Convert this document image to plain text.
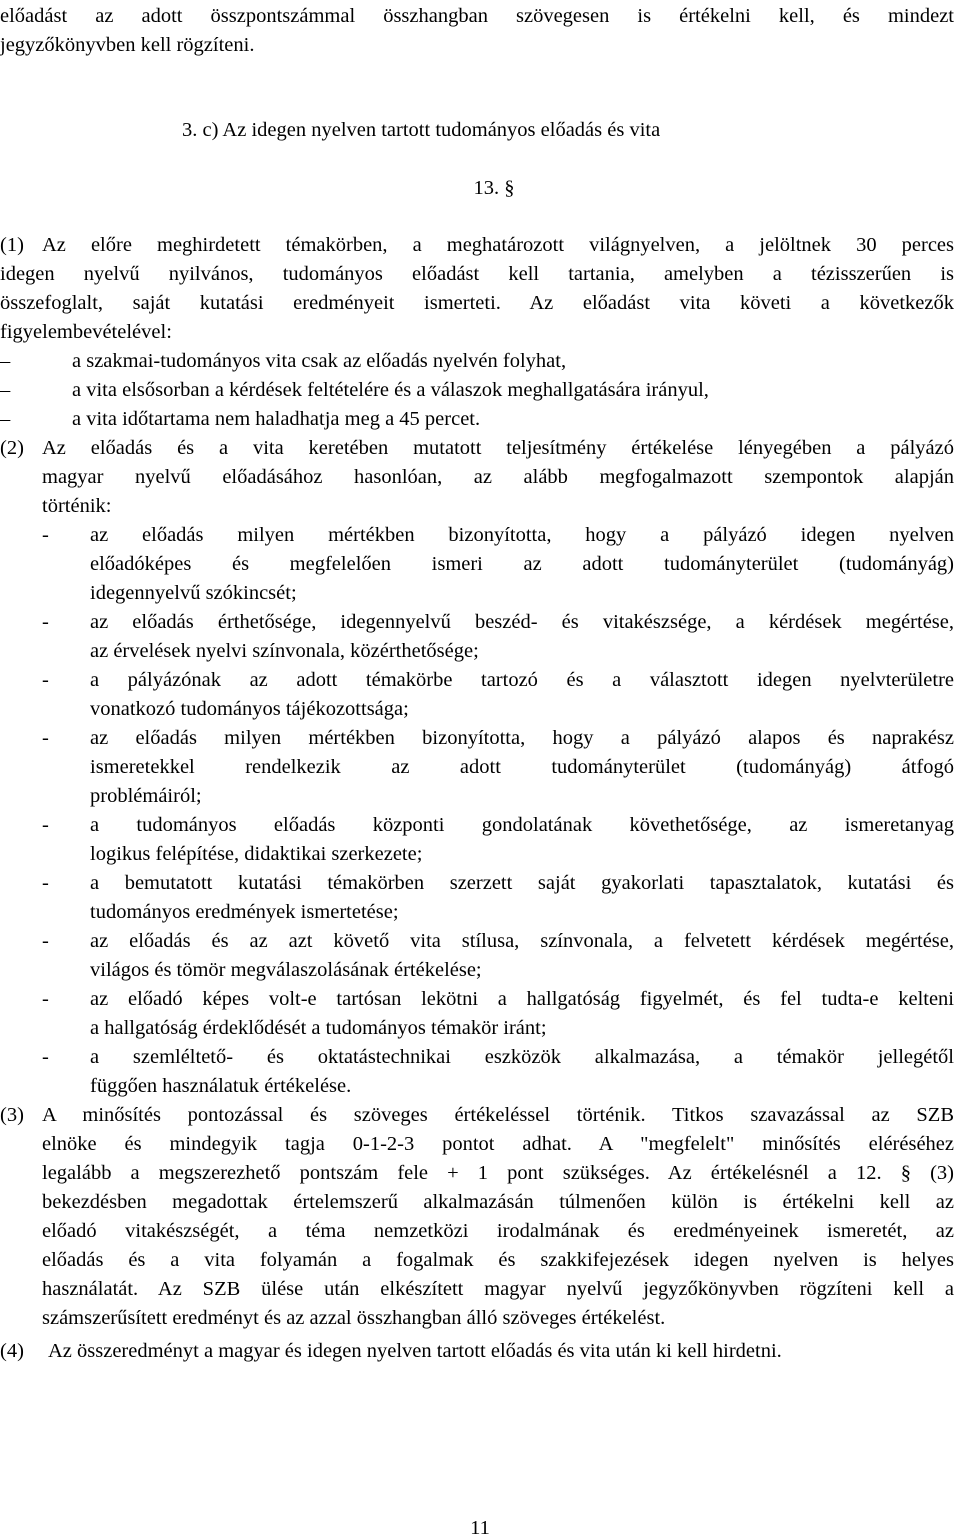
előadást az adott összpontszámmal összhangban szövegesen is értékelni kell, és mindezt
jegyzőkönyvben kell rögzíteni.
3. c) Az idegen nyelven tartott tudományos előadás és vita
13. §
(1) Az előre meghirdetett témakörben, a meghatározott világnyelven, a jelöltnek 30 perces
idegen nyelvű nyilvános, tudományos előadást kell tartania, amelyben a tézisszerűen is
összefoglalt, saját kutatási eredményeit ismerteti. Az előadást vita követi a következők
figyelembevételével:
–	a szakmai-tudományos vita csak az előadás nyelvén folyhat,
–	a vita elsősorban a kérdések feltételére és a válaszok meghallgatására irányul,
–	a vita időtartama nem haladhatja meg a 45 percet.
(2) Az előadás és a vita keretében mutatott teljesítmény értékelése lényegében a pályázó
magyar nyelvű előadásához hasonlóan, az alább megfogalmazott szempontok alapján
történik:
- az előadás milyen mértékben bizonyította, hogy a pályázó idegen nyelven
előadóképes és megfelelően ismeri az adott tudományterület (tudományág)
idegennyelvű szókincsét;
- az előadás érthetősége, idegennyelvű beszéd- és vitakészsége, a kérdések megértése,
az érvelések nyelvi színvonala, közérthetősége;
- a pályázónak az adott témakörbe tartozó és a választott idegen nyelvterületre
vonatkozó tudományos tájékozottsága;
- az előadás milyen mértékben bizonyította, hogy a pályázó alapos és naprakész
ismeretekkel rendelkezik az adott tudományterület (tudományág) átfogó
problémáiról;
- a tudományos előadás központi gondolatának követhetősége, az ismeretanyag
logikus felépítése, didaktikai szerkezete;
- a bemutatott kutatási témakörben szerzett saját gyakorlati tapasztalatok, kutatási és
tudományos eredmények ismertetése;
- az előadás és az azt követő vita stílusa, színvonala, a felvetett kérdések megértése,
világos és tömör megválaszolásának értékelése;
- az előadó képes volt-e tartósan lekötni a hallgatóság figyelmét, és fel tudta-e kelteni
a hallgatóság érdeklődését a tudományos témakör iránt;
- a szemléltető- és oktatástechnikai eszközök alkalmazása, a témakör jellegétől
függően használatuk értékelése.
(3) A minősítés pontozással és szöveges értékeléssel történik. Titkos szavazással az SZB
elnöke és mindegyik tagja 0-1-2-3 pontot adhat. A "megfelelt" minősítés eléréséhez
legalább a megszerezhető pontszám fele + 1 pont szükséges. Az értékelésnél a 12. § (3)
bekezdésben megadottak értelemszerű alkalmazásán túlmenően külön is értékelni kell az
előadó vitakészségét, a téma nemzetközi irodalmának és eredményeinek ismeretét, az
előadás és a vita folyamán a fogalmak és szakkifejezések idegen nyelven is helyes
használatát. Az SZB ülése után elkészített magyar nyelvű jegyzőkönyvben rögzíteni kell a
számszerűsített eredményt és az azzal összhangban álló szöveges értékelést.
(4) Az összeredményt a magyar és idegen nyelven tartott előadás és vita után ki kell hirdetni.
11
